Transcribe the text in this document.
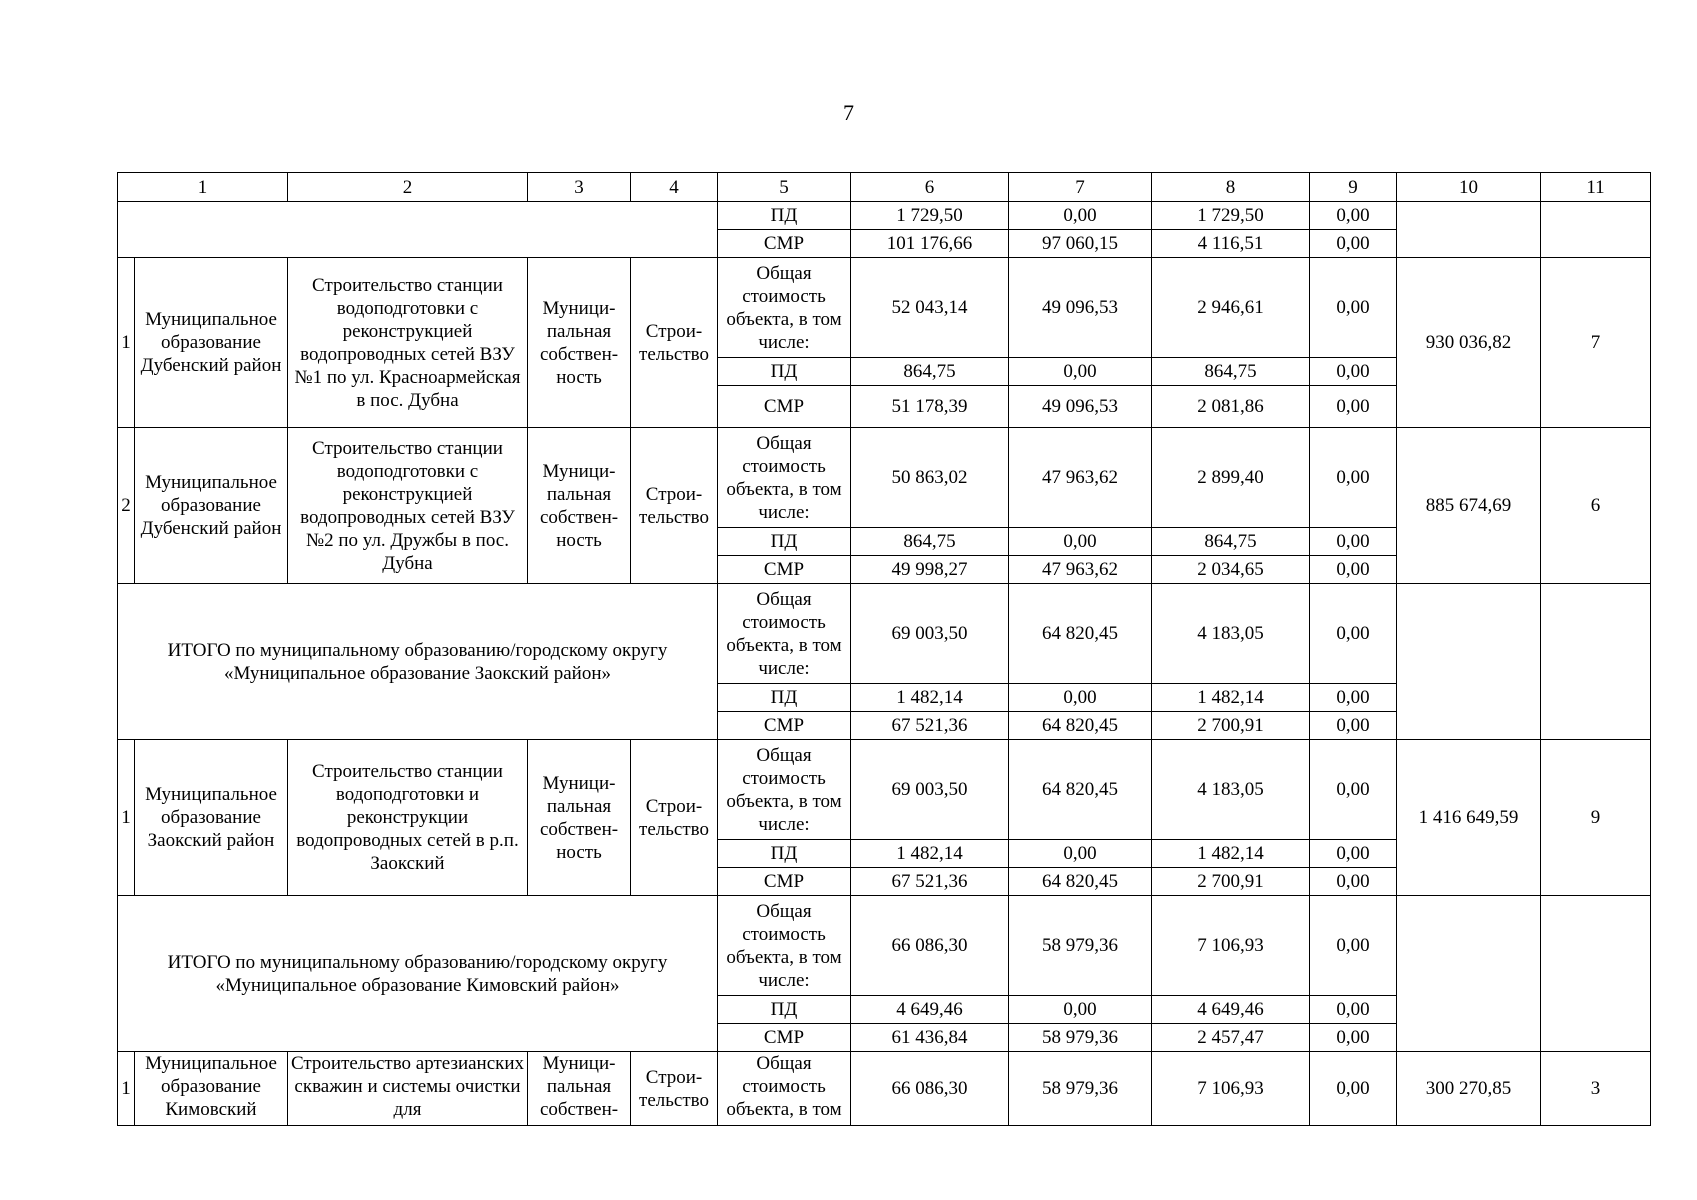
7
1		2	3	4	5	6	7	8	9	10	11
					ПД	1 729,50	0,00	1 729,50	0,00		
					СМР	101 176,66	97 060,15	4 116,51	0,00		
1	Муниципальное образование Дубенский район	Строительство станции водоподготовки с реконструкцией водопроводных сетей ВЗУ №1 по ул. Красноармейская в пос. Дубна	Муници-пальная собствен-ность	Строи-тельство	Общая стоимость объекта, в том числе:	52 043,14	49 096,53	2 946,61	0,00	930 036,82	7
					ПД	864,75	0,00	864,75	0,00		
					СМР	51 178,39	49 096,53	2 081,86	0,00		
2	Муниципальное образование Дубенский район	Строительство станции водоподготовки с реконструкцией водопроводных сетей ВЗУ №2 по ул. Дружбы в пос. Дубна	Муници-пальная собствен-ность	Строи-тельство	Общая стоимость объекта, в том числе:	50 863,02	47 963,62	2 899,40	0,00	885 674,69	6
					ПД	864,75	0,00	864,75	0,00		
					СМР	49 998,27	47 963,62	2 034,65	0,00		
ИТОГО по муниципальному образованию/городскому округу «Муниципальное образование Заокский район»					Общая стоимость объекта, в том числе:	69 003,50	64 820,45	4 183,05	0,00		
					ПД	1 482,14	0,00	1 482,14	0,00		
					СМР	67 521,36	64 820,45	2 700,91	0,00		
1	Муниципальное образование Заокский район	Строительство станции водоподготовки и реконструкции водопроводных сетей в р.п. Заокский	Муници-пальная собствен-ность	Строи-тельство	Общая стоимость объекта, в том числе:	69 003,50	64 820,45	4 183,05	0,00	1 416 649,59	9
					ПД	1 482,14	0,00	1 482,14	0,00		
					СМР	67 521,36	64 820,45	2 700,91	0,00		
ИТОГО по муниципальному образованию/городскому округу «Муниципальное образование Кимовский район»					Общая стоимость объекта, в том числе:	66 086,30	58 979,36	7 106,93	0,00		
					ПД	4 649,46	0,00	4 649,46	0,00		
					СМР	61 436,84	58 979,36	2 457,47	0,00		
1	Муниципальное образование Кимовский	Строительство артезианских скважин и системы очистки для	Муници-пальная собствен-	Строи-тельство	Общая стоимость объекта, в том	66 086,30	58 979,36	7 106,93	0,00	300 270,85	3
